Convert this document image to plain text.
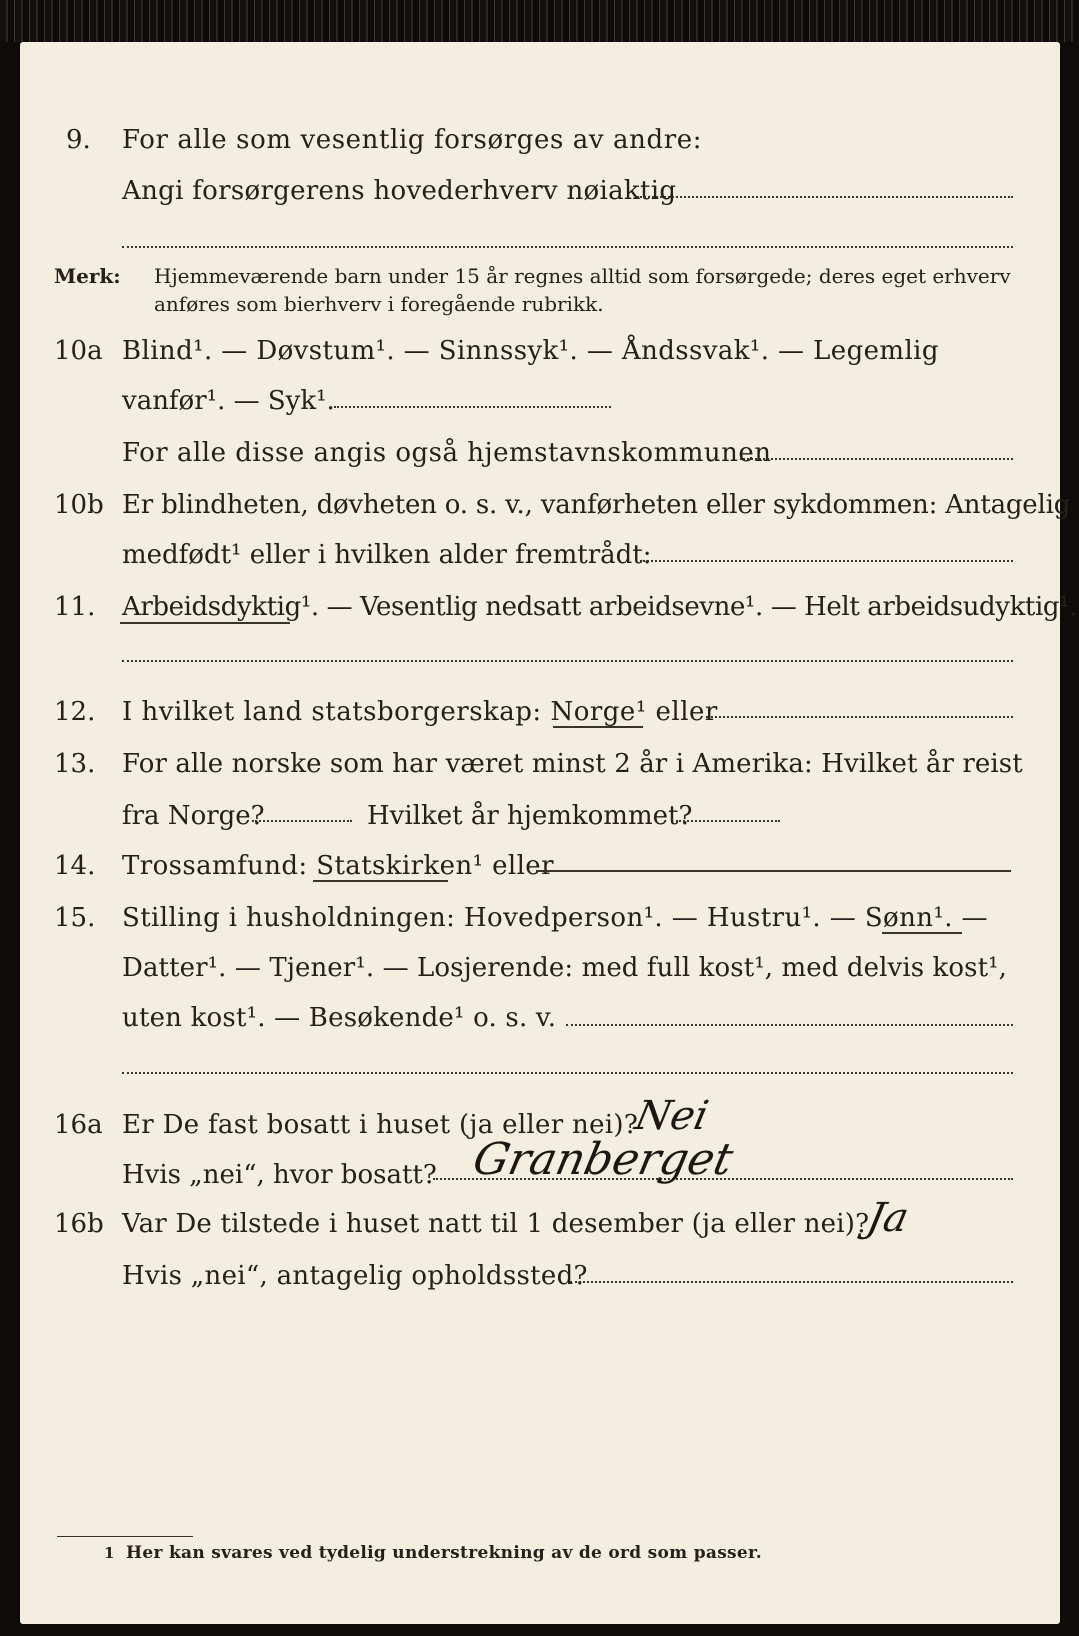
9. For alle som vesentlig forsørges av andre:
Angi forsørgerens hovederhverv nøiaktig
Merk: Hjemmeværende barn under 15 år regnes alltid som forsørgede; deres eget erhverv
anføres som bierhverv i foregående rubrikk.
10a Blind¹. — Døvstum¹. — Sinnssyk¹. — Åndssvak¹. — Legemlig
vanfør¹. — Syk¹.
For alle disse angis også hjemstavnskommunen
10b Er blindheten, døvheten o. s. v., vanførheten eller sykdommen: Antagelig
medfødt¹ eller i hvilken alder fremtrådt:
11. Arbeidsdyktig¹. — Vesentlig nedsatt arbeidsevne¹. — Helt arbeidsudyktig¹.
12. I hvilket land statsborgerskap: Norge¹ eller
13. For alle norske som har været minst 2 år i Amerika: Hvilket år reist
fra Norge?	Hvilket år hjemkommet?
14. Trossamfund: Statskirken¹ eller
15. Stilling i husholdningen: Hovedperson¹. — Hustru¹. — Sønn¹. —
Datter¹. — Tjener¹. — Losjerende: med full kost¹, med delvis kost¹,
uten kost¹. — Besøkende¹ o. s. v.
16a Er De fast bosatt i huset (ja eller nei)?
Nei
Hvis „nei“, hvor bosatt? Granberget
16b Var De tilstede i huset natt til 1 desember (ja eller nei)?
Ja
Hvis „nei“, antagelig opholdssted?
1 Her kan svares ved tydelig understrekning av de ord som passer.
